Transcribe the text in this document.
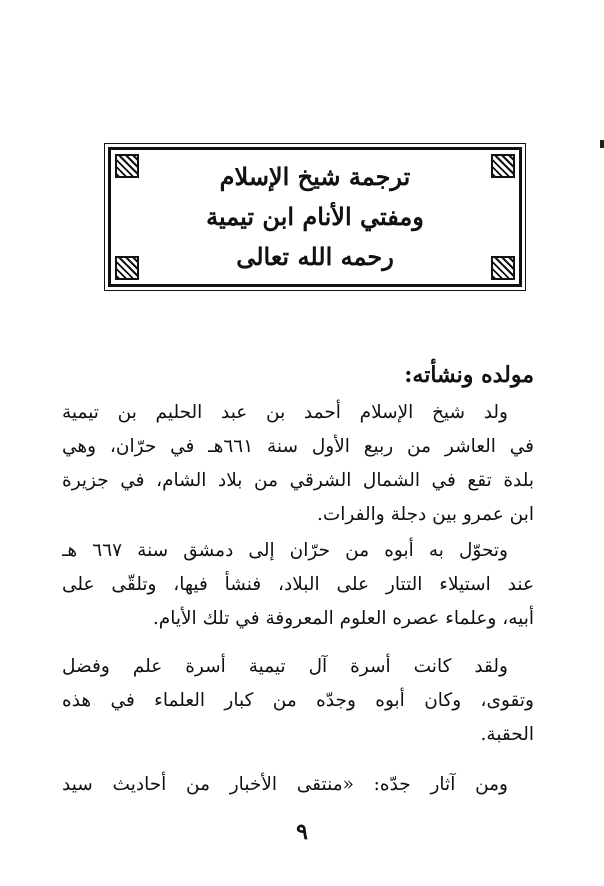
ترجمة شيخ الإسلام
ومفتي الأنام ابن تيمية
رحمه الله تعالى
مولده ونشأته:
ولد شيخ الإسلام أحمد بن عبد الحليم بن تيمية
في العاشر من ربيع الأول سنة ٦٦١هـ في حرّان، وهي
بلدة تقع في الشمال الشرقي من بلاد الشام، في جزيرة
ابن عمرو بين دجلة والفرات.
وتحوّل به أبوه من حرّان إلى دمشق سنة ٦٦٧ هـ
عند استيلاء التتار على البلاد، فنشأ فيها، وتلقّى على
أبيه، وعلماء عصره العلوم المعروفة في تلك الأيام.
ولقد كانت أسرة آل تيمية أسرة علم وفضل
وتقوى، وكان أبوه وجدّه من كبار العلماء في هذه
الحقبة.
ومن آثار جدّه: «منتقى الأخبار من أحاديث سيد
٩
